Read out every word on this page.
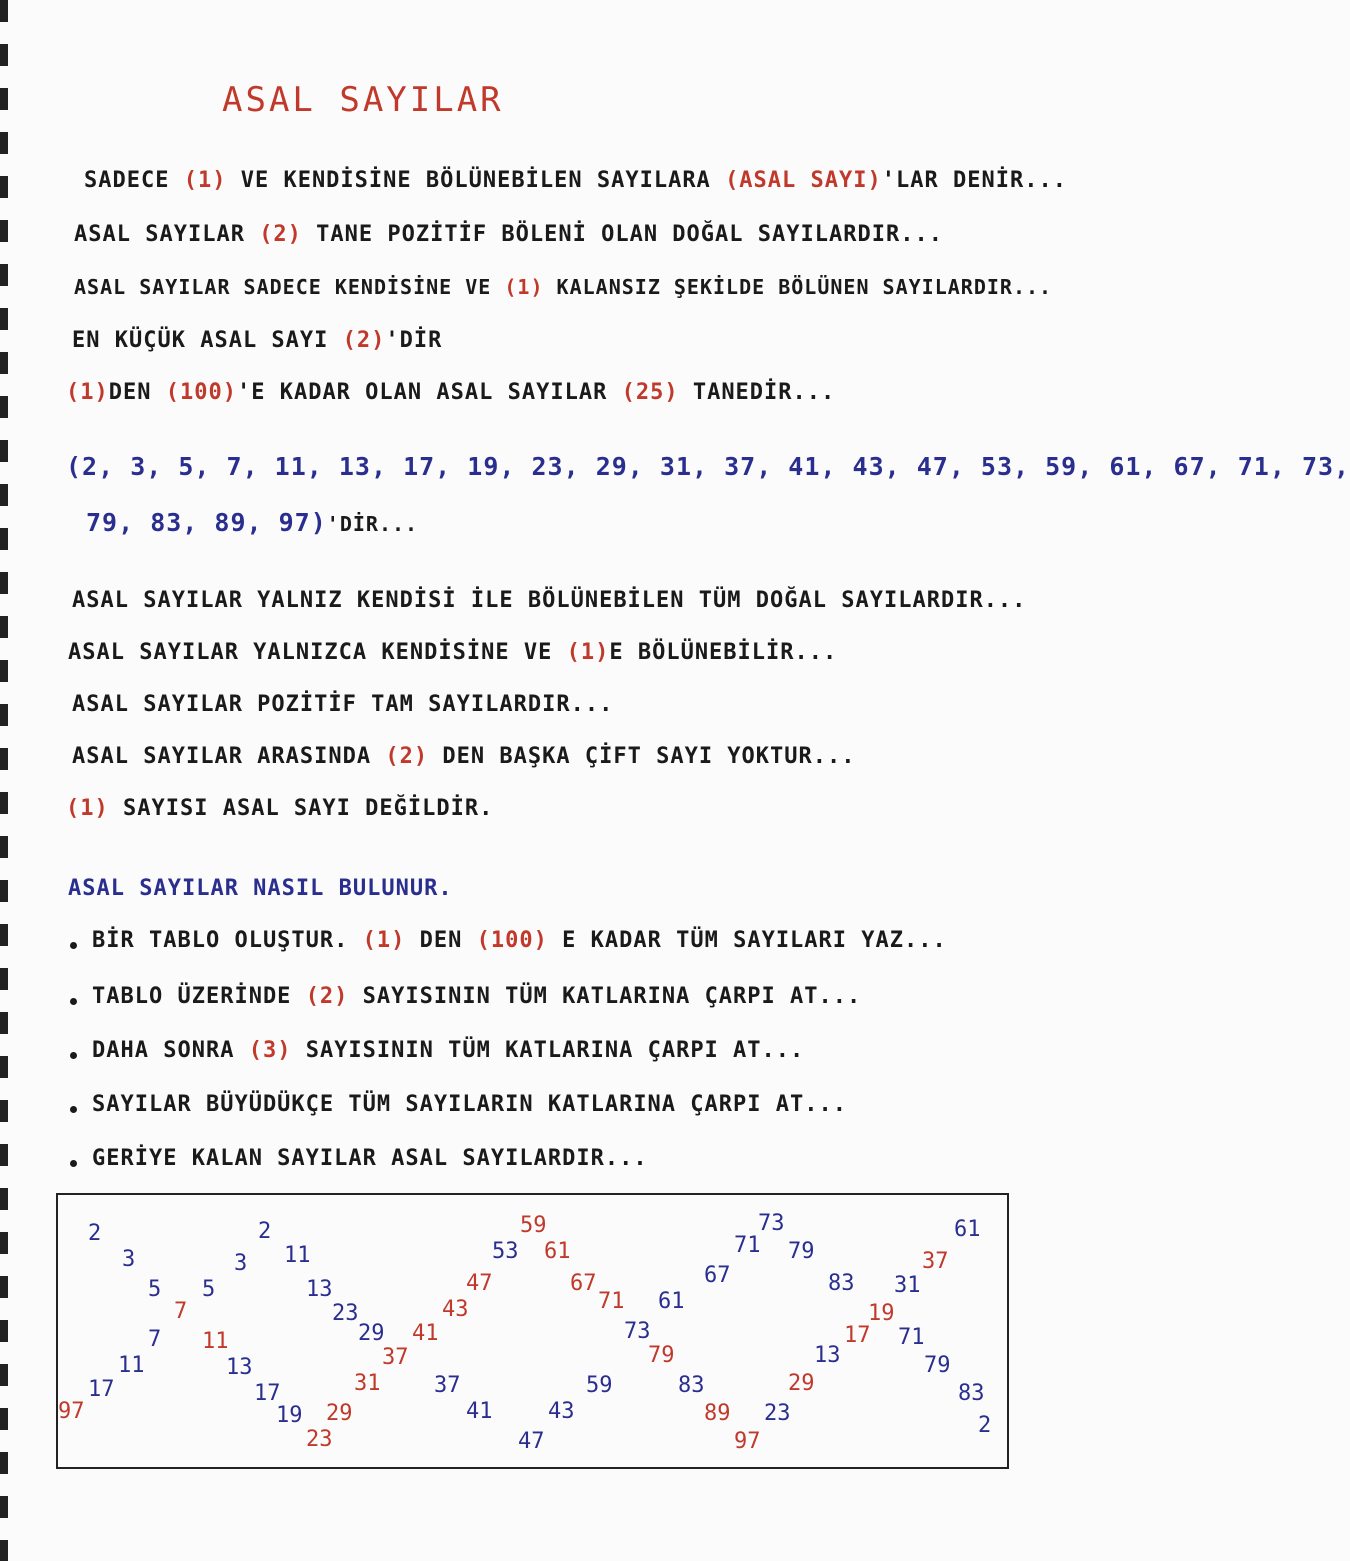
ASAL SAYILAR
SADECE (1) VE KENDİSİNE BÖLÜNEBİLEN SAYILARA (ASAL SAYI)'LAR DENİR...
ASAL SAYILAR (2) TANE POZİTİF BÖLENİ OLAN DOĞAL SAYILARDIR...
ASAL SAYILAR SADECE KENDİSİNE VE (1) KALANSIZ ŞEKİLDE BÖLÜNEN SAYILARDIR...
EN KÜÇÜK ASAL SAYI (2)'DİR
(1)DEN (100)'E KADAR OLAN ASAL SAYILAR (25) TANEDİR...
(2, 3, 5, 7, 11, 13, 17, 19, 23, 29, 31, 37, 41, 43, 47, 53, 59, 61, 67, 71, 73,
79, 83, 89, 97)'DİR...
ASAL SAYILAR YALNIZ KENDİSİ İLE BÖLÜNEBİLEN TÜM DOĞAL SAYILARDIR...
ASAL SAYILAR YALNIZCA KENDİSİNE VE (1)E BÖLÜNEBİLİR...
ASAL SAYILAR POZİTİF TAM SAYILARDIR...
ASAL SAYILAR ARASINDA (2) DEN BAŞKA ÇİFT SAYI YOKTUR...
(1) SAYISI ASAL SAYI DEĞİLDİR.
ASAL SAYILAR NASIL BULUNUR.
BİR TABLO OLUŞTUR. (1) DEN (100) E KADAR TÜM SAYILARI YAZ...
TABLO ÜZERİNDE (2) SAYISININ TÜM KATLARINA ÇARPI AT...
DAHA SONRA (3) SAYISININ TÜM KATLARINA ÇARPI AT...
SAYILAR BÜYÜDÜKÇE TÜM SAYILARIN KATLARINA ÇARPI AT...
GERİYE KALAN SAYILAR ASAL SAYILARDIR...
2
3
5
7
7
11
17
97
5
3
2
11
11
13
17
13
23
29
37
31
19 29
23
41
43
47
37
41
47
59
53 61
67
59
43
71 61
73
79
83
89
97
67
71
73
79
83
29
23
13
17
19
31
37
61
71
79
83
2
